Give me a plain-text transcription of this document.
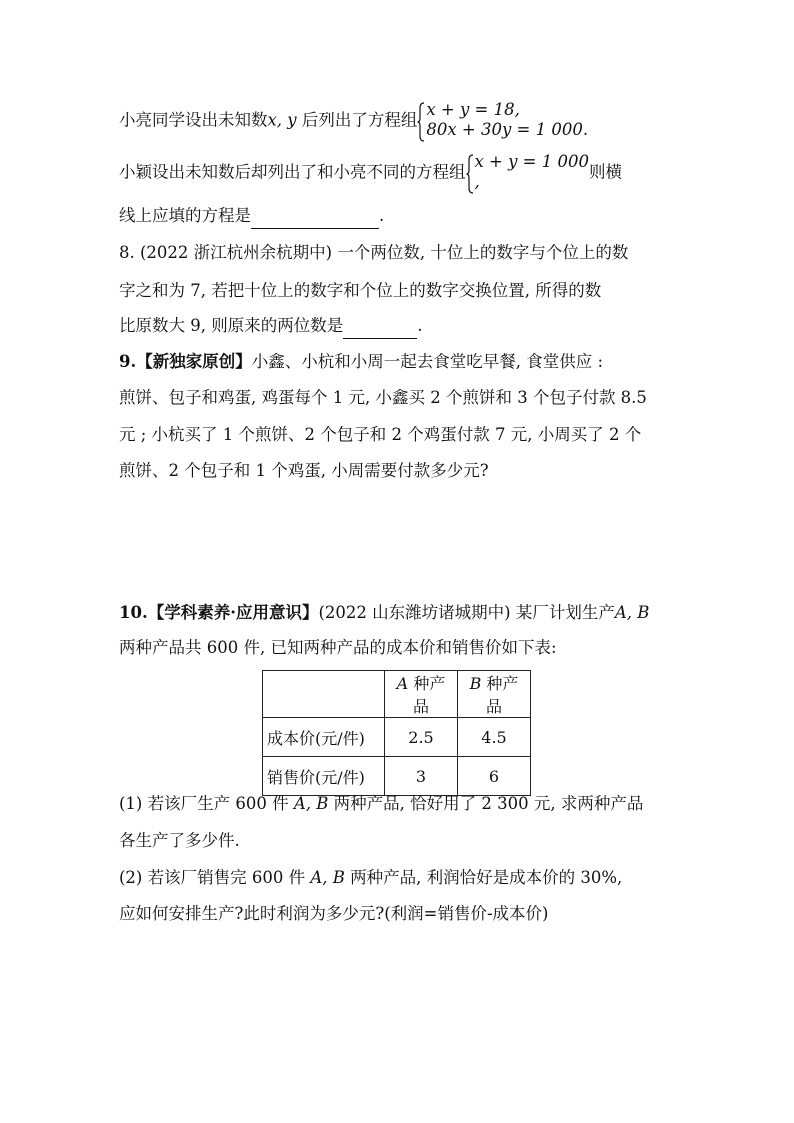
小亮同学设出未知数x, y 后列出了方程组
x + y = 18,
80x + 30y = 1 000.
小颖设出未知数后却列出了和小亮不同的方程组
x + y = 1 000
,	则横
线上应填的方程是	.
8. (2022 浙江杭州余杭期中) 一个两位数, 十位上的数字与个位上的数
字之和为 7, 若把十位上的数字和个位上的数字交换位置, 所得的数
比原数大 9, 则原来的两位数是	.
9.【新独家原创】小鑫、小杭和小周一起去食堂吃早餐, 食堂供应 :
煎饼、包子和鸡蛋, 鸡蛋每个 1 元, 小鑫买 2 个煎饼和 3 个包子付款 8.5
元 ; 小杭买了 1 个煎饼、2 个包子和 2 个鸡蛋付款 7 元, 小周买了 2 个
煎饼、2 个包子和 1 个鸡蛋, 小周需要付款多少元?
10.【学科素养·应用意识】(2022 山东潍坊诸城期中) 某厂计划生产A, B
两种产品共 600 件, 已知两种产品的成本价和销售价如下表:
	A 种产品	B 种产品
成本价(元/件)	2.5	4.5
销售价(元/件)	3	6
(1) 若该厂生产 600 件 A, B 两种产品, 恰好用了 2 300 元, 求两种产品
各生产了多少件.
(2) 若该厂销售完 600 件 A, B 两种产品, 利润恰好是成本价的 30%,
应如何安排生产?此时利润为多少元?(利润=销售价-成本价)
